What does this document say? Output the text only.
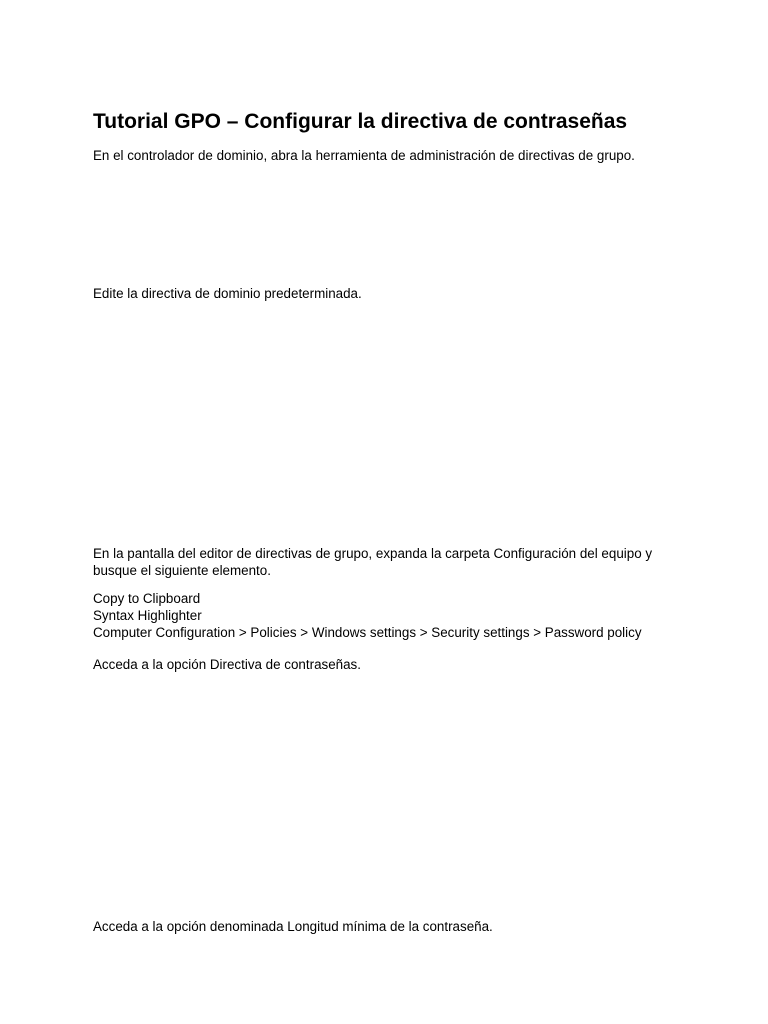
Tutorial GPO – Configurar la directiva de contraseñas

En el controlador de dominio, abra la herramienta de administración de directivas de grupo.

Edite la directiva de dominio predeterminada.

En la pantalla del editor de directivas de grupo, expanda la carpeta Configuración del equipo y busque el siguiente elemento.

Copy to Clipboard
Syntax Highlighter
Computer Configuration > Policies > Windows settings > Security settings > Password policy

Acceda a la opción Directiva de contraseñas.

Acceda a la opción denominada Longitud mínima de la contraseña.
